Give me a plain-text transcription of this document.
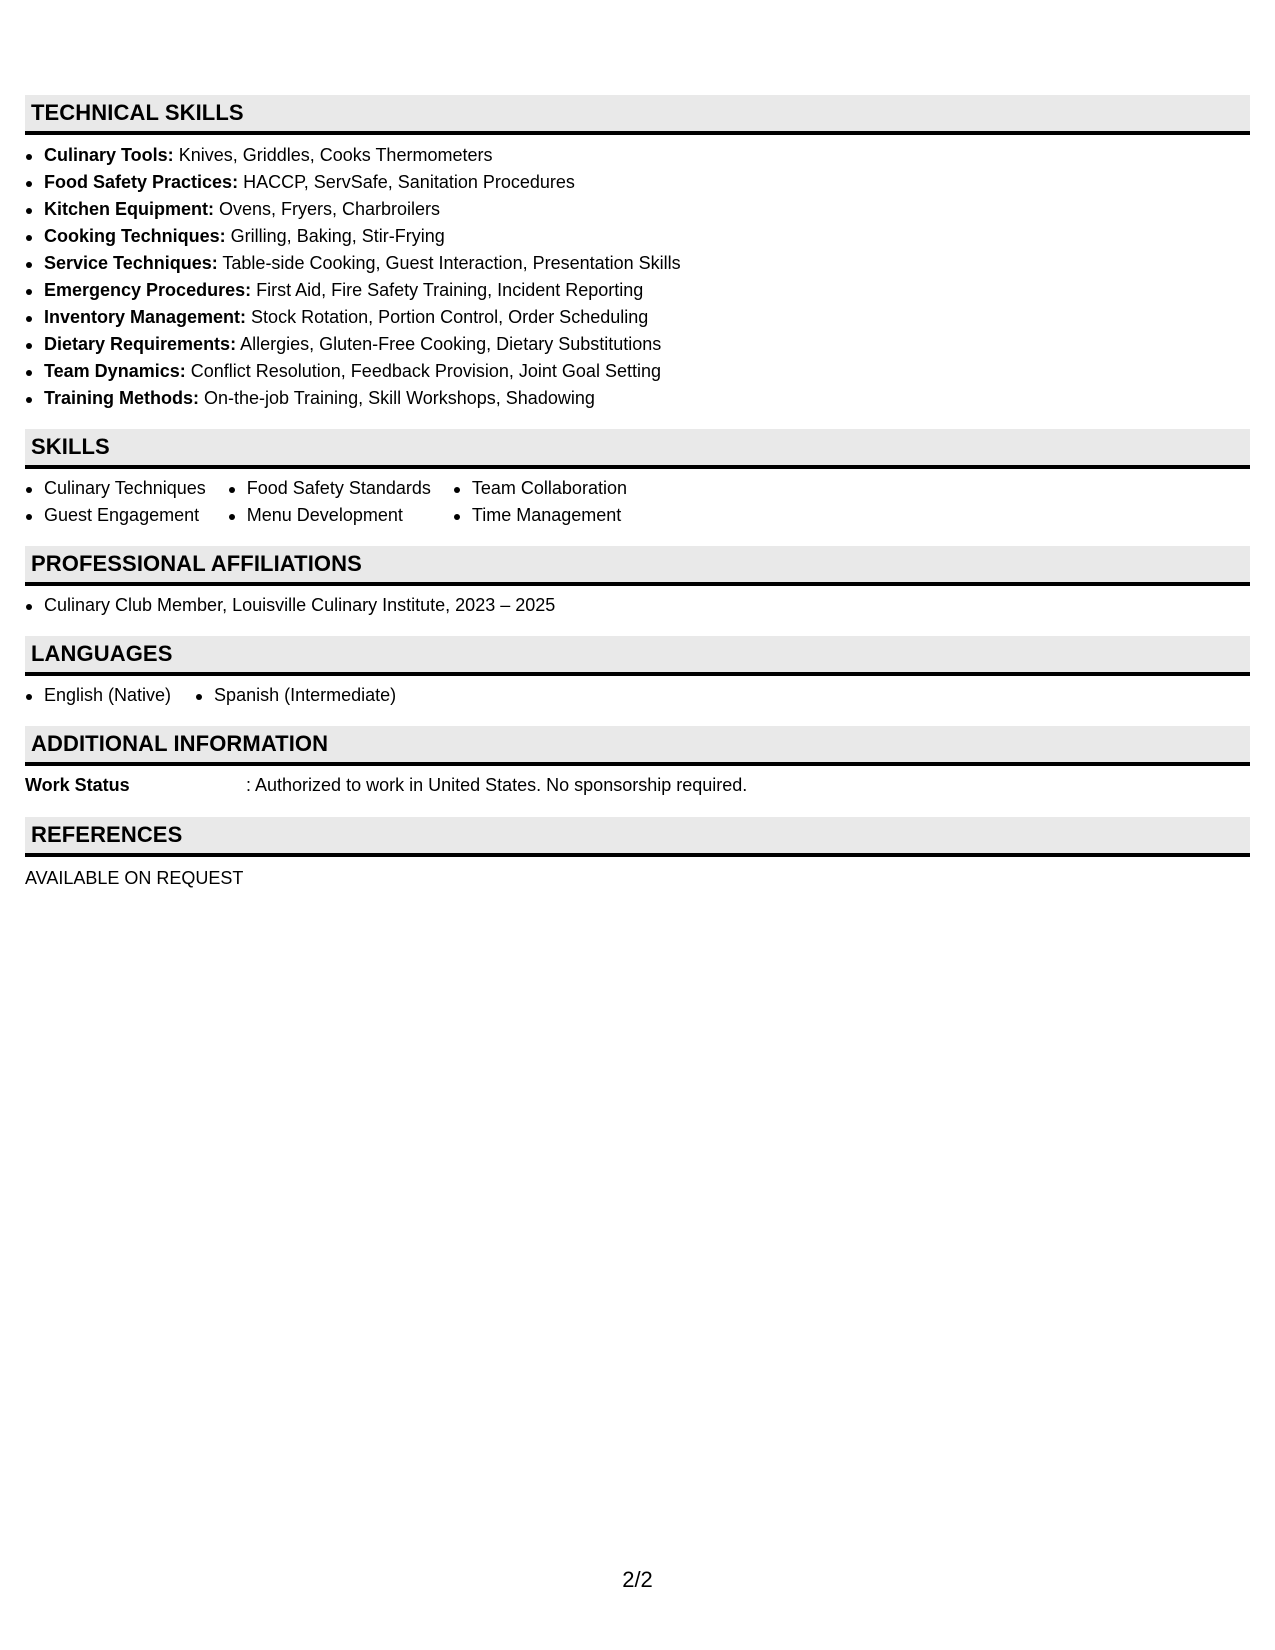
TECHNICAL SKILLS
Culinary Tools: Knives, Griddles, Cooks Thermometers
Food Safety Practices: HACCP, ServSafe, Sanitation Procedures
Kitchen Equipment: Ovens, Fryers, Charbroilers
Cooking Techniques: Grilling, Baking, Stir-Frying
Service Techniques: Table-side Cooking, Guest Interaction, Presentation Skills
Emergency Procedures: First Aid, Fire Safety Training, Incident Reporting
Inventory Management: Stock Rotation, Portion Control, Order Scheduling
Dietary Requirements: Allergies, Gluten-Free Cooking, Dietary Substitutions
Team Dynamics: Conflict Resolution, Feedback Provision, Joint Goal Setting
Training Methods: On-the-job Training, Skill Workshops, Shadowing
SKILLS
Culinary Techniques
Guest Engagement
Food Safety Standards
Menu Development
Team Collaboration
Time Management
PROFESSIONAL AFFILIATIONS
Culinary Club Member, Louisville Culinary Institute, 2023 – 2025
LANGUAGES
English (Native)	Spanish (Intermediate)
ADDITIONAL INFORMATION
Work Status	: Authorized to work in United States. No sponsorship required.
REFERENCES
AVAILABLE ON REQUEST
2/2
